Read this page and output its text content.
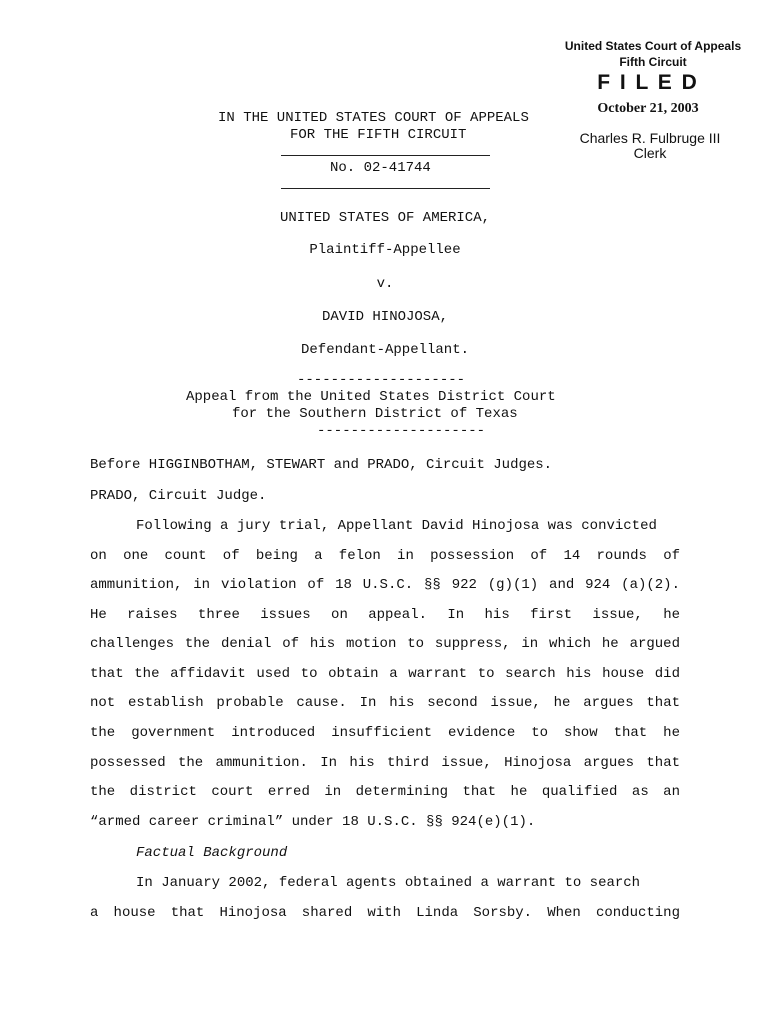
United States Court of Appeals
Fifth Circuit
F I L E D
October 21, 2003
Charles R. Fulbruge III
Clerk
IN THE UNITED STATES COURT OF APPEALS
FOR THE FIFTH CIRCUIT
No. 02-41744
UNITED STATES OF AMERICA,
Plaintiff-Appellee
v.
DAVID HINOJOSA,
Defendant-Appellant.
--------------------
Appeal from the United States District Court
for the Southern District of Texas
--------------------
Before HIGGINBOTHAM, STEWART and PRADO, Circuit Judges.
PRADO, Circuit Judge.
Following a jury trial, Appellant David Hinojosa was convicted
on one count of being a felon in possession of 14 rounds of
ammunition, in violation of 18 U.S.C. §§ 922 (g)(1) and 924 (a)(2).
He raises three issues on appeal. In his first issue, he
challenges the denial of his motion to suppress, in which he argued
that the affidavit used to obtain a warrant to search his house did
not establish probable cause. In his second issue, he argues that
the government introduced insufficient evidence to show that he
possessed the ammunition. In his third issue, Hinojosa argues that
the district court erred in determining that he qualified as an
“armed career criminal” under 18 U.S.C. §§ 924(e)(1).
Factual Background
In January 2002, federal agents obtained a warrant to search
a house that Hinojosa shared with Linda Sorsby. When conducting
